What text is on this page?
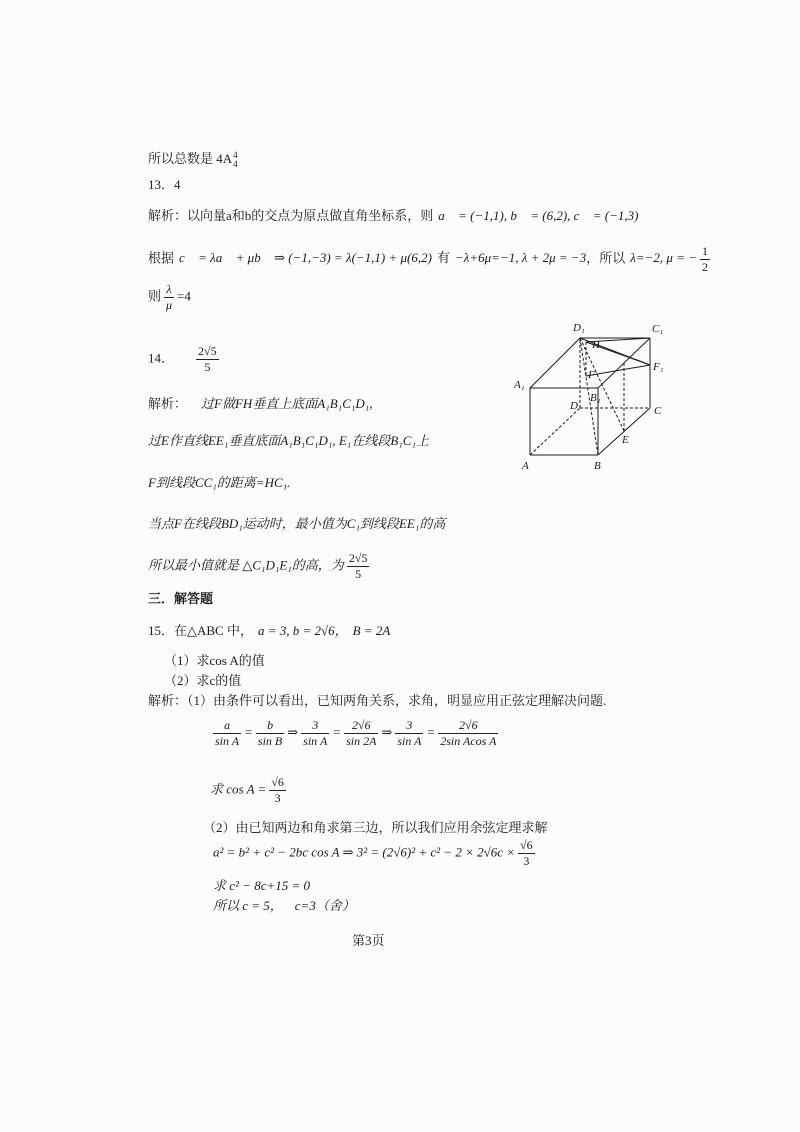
所以总数是 4A 4
4
13．4
解析：以向量a和b的交点为原点做直角坐标系，则 a⃗ = (−1,1), b⃗ = (6,2), c⃗ = (−1,3)
根据 c⃗ = λa⃗ + μb⃗ ⇒ (−1,−3) = λ(−1,1) + μ(6,2) 有 −λ+6μ=−1, λ + 2μ = −3，所以 λ=−2, μ = − $\frac{1}{2}$
则 $\frac{\lambda}{\mu} =4$
14． $\frac{2√5}{5}$
解析： 过F做FH垂直上底面A₁B₁C₁D₁,
过E作直线EE₁垂直底面A₁B₁C₁D₁, E₁在线段B₁C₁上
F到线段CC₁的距离=HC₁.
当点F在线段BD₁运动时，最小值为C₁到线段EE₁的高
所以最小值就是 △C₁D₁E₁的高，为 $\frac{2√5}{5}$
D₁	C₁
H
F₁
F
A₁
B₁
D	C
E
A	B
三．解答题
15．在△ABC 中， a = 3, b = 2√6， B = 2A
（1）求cos A的值
（2）求c的值
解析：（1）由条件可以看出，已知两角关系，求角，明显应用正弦定理解决问题.
$\frac{a}{\text{sin A}} = \frac{b}{\text{sin B}}$ ⇒ $\frac{3}{\text{sin A}} = \frac{2√6}{\sin 2A}$ ⇒ $\frac{3}{\text{sin A}} = \frac{2√6}{\text{2sin Acos A}}$
求 $\cos A = \frac{√6}{3}$
（2）由已知两边和角求第三边，所以我们应用余弦定理求解
a² = b² + c² − 2bc cos A ⇒ $3^2 = (2√6)^2 + c^2 - 2 \times 2√6c \times \frac{√6}{3}$
求 c² − 8c+15 = 0
所以 c = 5， c=3（舍）
第3页
